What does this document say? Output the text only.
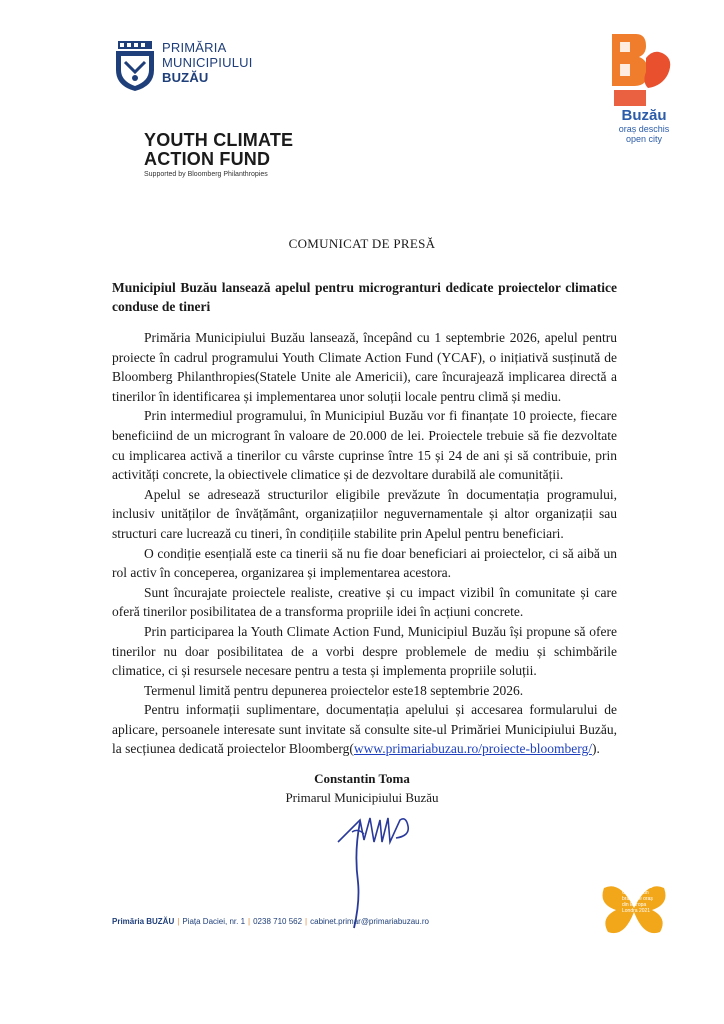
PRIMĂRIA
MUNICIPIULUI
BUZĂU
Buzău
oraș deschis
open city
YOUTH CLIMATE
ACTION FUND
Supported by Bloomberg Philanthropies
COMUNICAT DE PRESĂ
Municipiul Buzău lansează apelul pentru microgranturi dedicate proiectelor climatice conduse de tineri

Primăria Municipiului Buzău lansează, începând cu 1 septembrie 2026, apelul pentru proiecte în cadrul programului Youth Climate Action Fund (YCAF), o inițiativă susținută de Bloomberg Philanthropies(Statele Unite ale Americii), care încurajează implicarea directă a tinerilor în identificarea și implementarea unor soluții locale pentru climă și mediu.

Prin intermediul programului, în Municipiul Buzău vor fi finanțate 10 proiecte, fiecare beneficiind de un microgrant în valoare de 20.000 de lei. Proiectele trebuie să fie dezvoltate cu implicarea activă a tinerilor cu vârste cuprinse între 15 și 24 de ani și să contribuie, prin activități concrete, la obiectivele climatice și de dezvoltare durabilă ale comunității.

Apelul se adresează structurilor eligibile prevăzute în documentația programului, inclusiv unităților de învățământ, organizațiilor neguvernamentale și altor organizații sau structuri care lucrează cu tineri, în condițiile stabilite prin Apelul pentru beneficiari.

O condiție esențială este ca tinerii să nu fie doar beneficiari ai proiectelor, ci să aibă un rol activ în conceperea, organizarea și implementarea acestora.

Sunt încurajate proiectele realiste, creative și cu impact vizibil în comunitate și care oferă tinerilor posibilitatea de a transforma propriile idei în acțiuni concrete.

Prin participarea la Youth Climate Action Fund, Municipiul Buzău își propune să ofere tinerilor nu doar posibilitatea de a vorbi despre problemele de mediu și schimbările climatice, ci și resursele necesare pentru a testa și implementa propriile soluții.

Termenul limită pentru depunerea proiectelor este18 septembrie 2026.

Pentru informații suplimentare, documentația apelului și accesarea formularului de aplicare, persoanele interesate sunt invitate să consulte site-ul Primăriei Municipiului Buzău, la secțiunea dedicată proiectelor Bloomberg(www.primariabuzau.ro/proiecte-bloomberg/).

Constantin Toma
Primarul Municipiului Buzău
Primăria BUZĂU | Piața Daciei, nr. 1 | 0238 710 562 | cabinet.primar@primariabuzau.ro
BUZĂU
Cel mai bun
brand de oraș
din Europa
Londra 2021
